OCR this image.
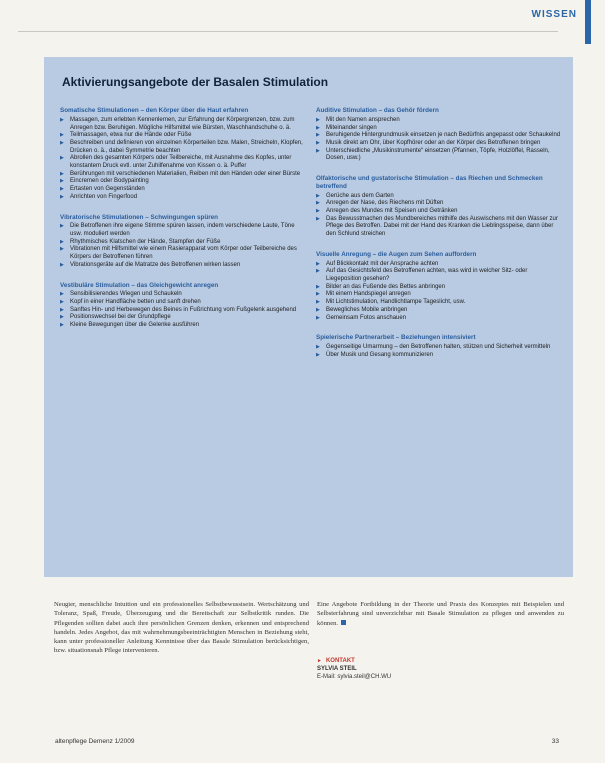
WISSEN
Aktivierungsangebote der Basalen Stimulation
Somatische Stimulationen – den Körper über die Haut erfahren
▶ Massagen, zum erlebten Kennenlernen, zur Erfahrung der Körpergrenzen, bzw. zum Anregen bzw. Beruhigen. Mögliche Hilfsmittel wie Bürsten, Waschhandschuhe o. ä.
▶ Teilmassagen, etwa nur die Hände oder Füße
▶ Beschreiben und definieren von einzelnen Körperteilen bzw. Malen, Streicheln, Klopfen, Drücken o. ä., dabei Symmetrie beachten
▶ Abrollen des gesamten Körpers oder Teilbereiche, mit Ausnahme des Kopfes, unter konstantem Druck evtl. unter Zuhilfenahme von Kissen o. ä. Puffer
▶ Berührungen mit verschiedenen Materialien, Reiben mit den Händen oder einer Bürste
▶ Eincremen oder Bodypainting
▶ Ertasten von Gegenständen
▶ Anrichten von Fingerfood
Vibratorische Stimulationen – Schwingungen spüren
▶ Die Betroffenen ihre eigene Stimme spüren lassen, indem verschiedene Laute, Töne usw. moduliert werden
▶ Rhythmisches Klatschen der Hände, Stampfen der Füße
▶ Vibrationen mit Hilfsmittel wie einem Rasierapparat vom Körper oder Teilbereiche des Körpers der Betroffenen führen
▶ Vibrationsgeräte auf die Matratze des Betroffenen wirken lassen
Vestibuläre Stimulation – das Gleichgewicht anregen
▶ Sensibilisierendes Wiegen und Schaukeln
▶ Kopf in einer Handfläche betten und sanft drehen
▶ Sanftes Hin- und Herbewegen des Beines in Fußrichtung vom Fußgelenk ausgehend
▶ Positionswechsel bei der Grundpflege
▶ Kleine Bewegungen über die Gelenke ausführen
Auditive Stimulation – das Gehör fördern
▶ Mit den Namen ansprechen
▶ Miteinander singen
▶ Beruhigende Hintergrundmusik einsetzen je nach Bedürfnis angepasst oder Schaukelnd
▶ Musik direkt am Ohr, über Kopfhörer oder an der Körper des Betroffenen bringen
▶ Unterschiedliche „Musikinstrumente“ einsetzen (Pfannen, Töpfe, Holzlöffel, Rasseln, Dosen, usw.)
Olfaktorische und gustatorische Stimulation – das Riechen und Schmecken betreffend
▶ Gerüche aus dem Garten
▶ Anregen der Nase, des Riechens mit Düften
▶ Anregen des Mundes mit Speisen und Getränken
▶ Das Bewusstmachen des Mundbereiches mithilfe des Auswischens mit den Wasser zur Pflege des Betroffen. Dabei mit der Hand des Kranken die Lieblingsspeise, dann über den Schlund streichen
Visuelle Anregung – die Augen zum Sehen auffordern
▶ Auf Blickkontakt mit der Ansprache achten
▶ Auf das Gesichtsfeld des Betroffenen achten, was wird in welcher Sitz- oder Liegeposition gesehen?
▶ Bilder an das Fußende des Bettes anbringen
▶ Mit einem Handspiegel anregen
▶ Mit Lichtstimulation, Handlichtlampe Tageslicht, usw.
▶ Bewegliches Mobile anbringen
▶ Gemeinsam Fotos anschauen
Spielerische Partnerarbeit – Beziehungen intensiviert
▶ Gegenseitige Umarmung – den Betroffenen halten, stützen und Sicherheit vermitteln
▶ Über Musik und Gesang kommunizieren
Neugier, menschliche Intuition und ein professionelles Selbstbewusstsein. Wertschätzung und Toleranz, Spaß, Freude, Überzeugung und die Bereitschaft zur Selbstkritik runden. Die Pflegenden sollten dabei auch ihre persönlichen Grenzen denken, erkennen und entsprechend handeln. Jedes Angebot, das mit wahrnehmungsbeeinträchtigten Menschen in Beziehung steht, kann unter professioneller Anleitung Kenntnisse über das Basale Stimulation berücksichtigen, bzw. situationsnah Pflege intervenieren.
Eine Angebote Fortbildung in der Theorie und Praxis des Konzeptes mit Beispielen und Selbsterfahrung sind unverzichtbar mit Basale Stimulation zu pflegen und anwenden zu können.
► KONTAKT
SYLVIA STEIL
E-Mail: sylvia.steil@CH.WU
altenpflege Demenz 1/2009	33
